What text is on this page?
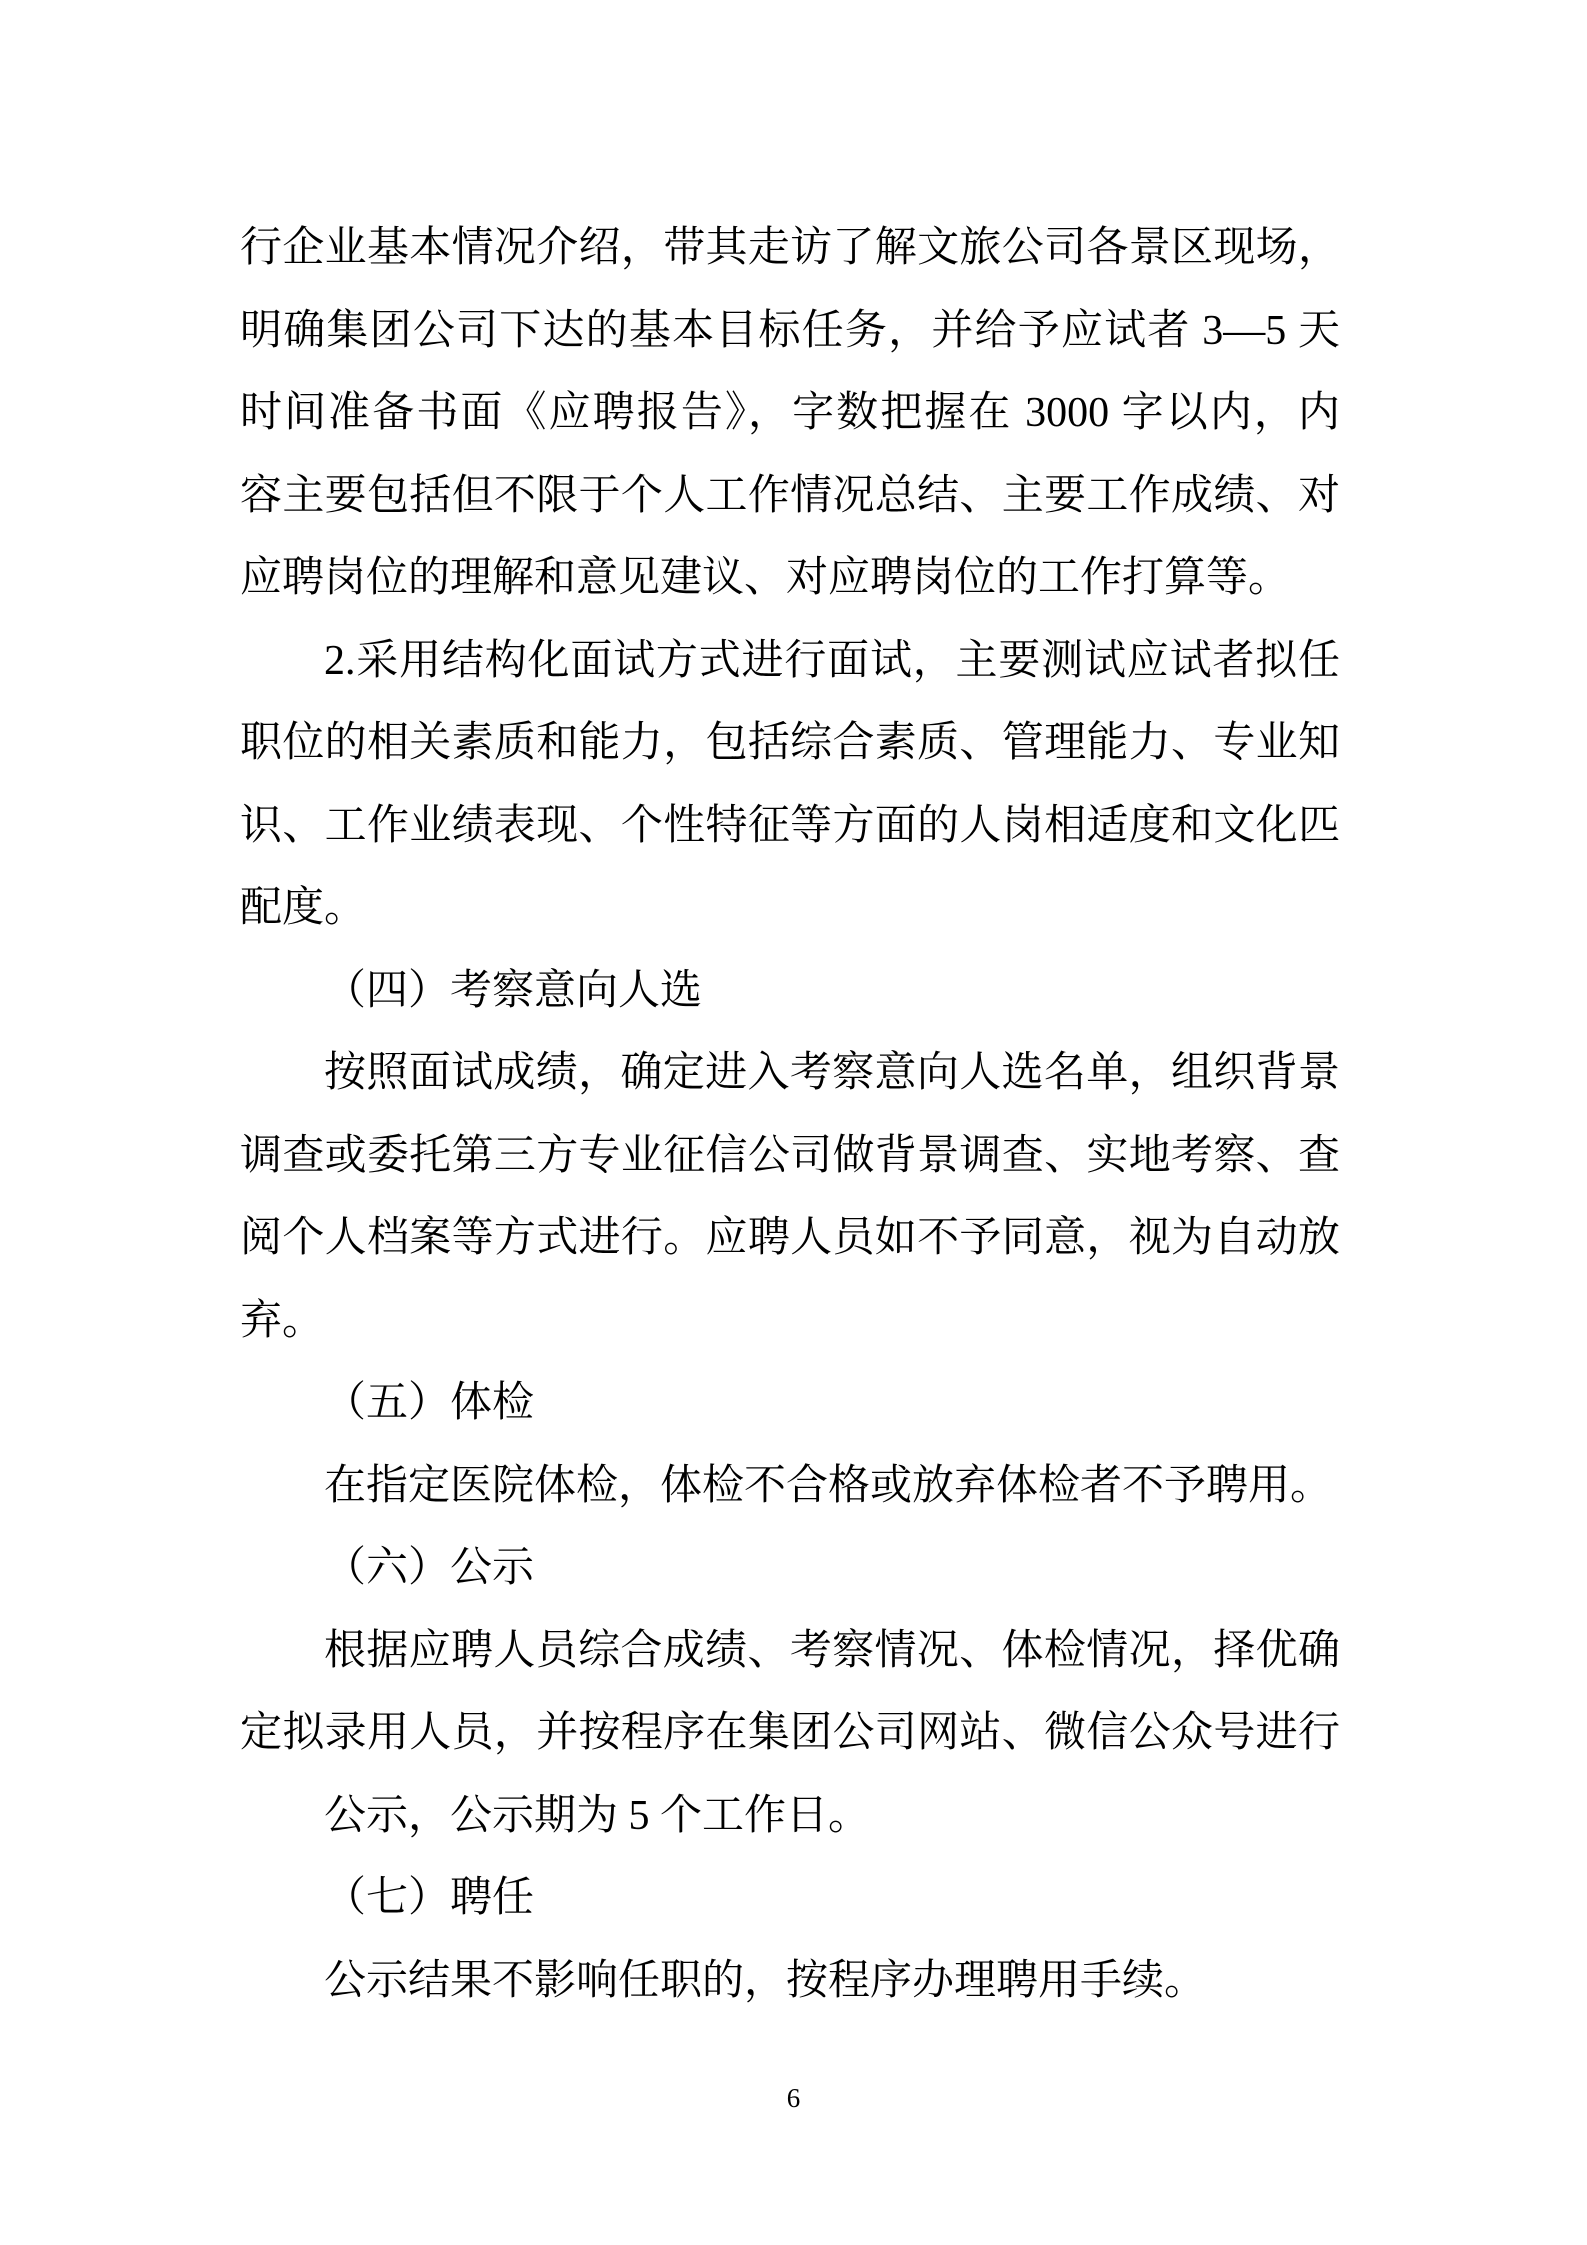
行企业基本情况介绍，带其走访了解文旅公司各景区现场，
明确集团公司下达的基本目标任务，并给予应试者 3—5 天
时间准备书面《应聘报告》，字数把握在 3000 字以内，内
容主要包括但不限于个人工作情况总结、主要工作成绩、对
应聘岗位的理解和意见建议、对应聘岗位的工作打算等。
2.采用结构化面试方式进行面试，主要测试应试者拟任
职位的相关素质和能力，包括综合素质、管理能力、专业知
识、工作业绩表现、个性特征等方面的人岗相适度和文化匹
配度。
（四）考察意向人选
按照面试成绩，确定进入考察意向人选名单，组织背景
调查或委托第三方专业征信公司做背景调查、实地考察、查
阅个人档案等方式进行。应聘人员如不予同意，视为自动放
弃。
（五）体检
在指定医院体检，体检不合格或放弃体检者不予聘用。
（六）公示
根据应聘人员综合成绩、考察情况、体检情况，择优确
定拟录用人员，并按程序在集团公司网站、微信公众号进行
公示，公示期为 5 个工作日。
（七）聘任
公示结果不影响任职的，按程序办理聘用手续。
6
